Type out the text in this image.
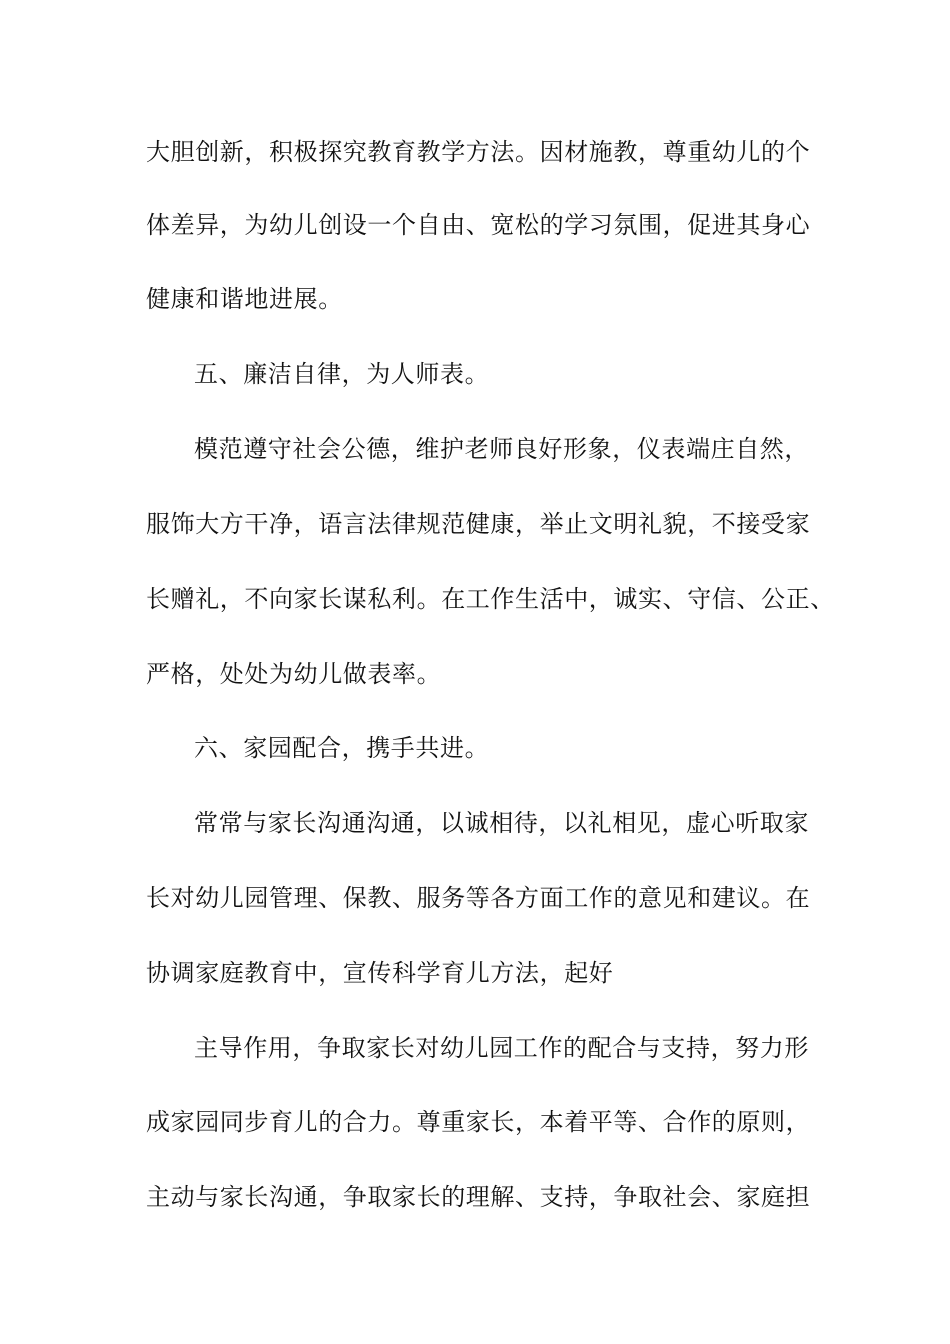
大胆创新，积极探究教育教学方法。因材施教，尊重幼儿的个
体差异，为幼儿创设一个自由、宽松的学习氛围，促进其身心
健康和谐地进展。
五、廉洁自律，为人师表。
模范遵守社会公德，维护老师良好形象，仪表端庄自然，
服饰大方干净，语言法律规范健康，举止文明礼貌，不接受家
长赠礼，不向家长谋私利。在工作生活中，诚实、守信、公正、
严格，处处为幼儿做表率。
六、家园配合，携手共进。
常常与家长沟通沟通，以诚相待，以礼相见，虚心听取家
长对幼儿园管理、保教、服务等各方面工作的意见和建议。在
协调家庭教育中，宣传科学育儿方法，起好
主导作用，争取家长对幼儿园工作的配合与支持，努力形
成家园同步育儿的合力。尊重家长，本着平等、合作的原则，
主动与家长沟通，争取家长的理解、支持，争取社会、家庭担
